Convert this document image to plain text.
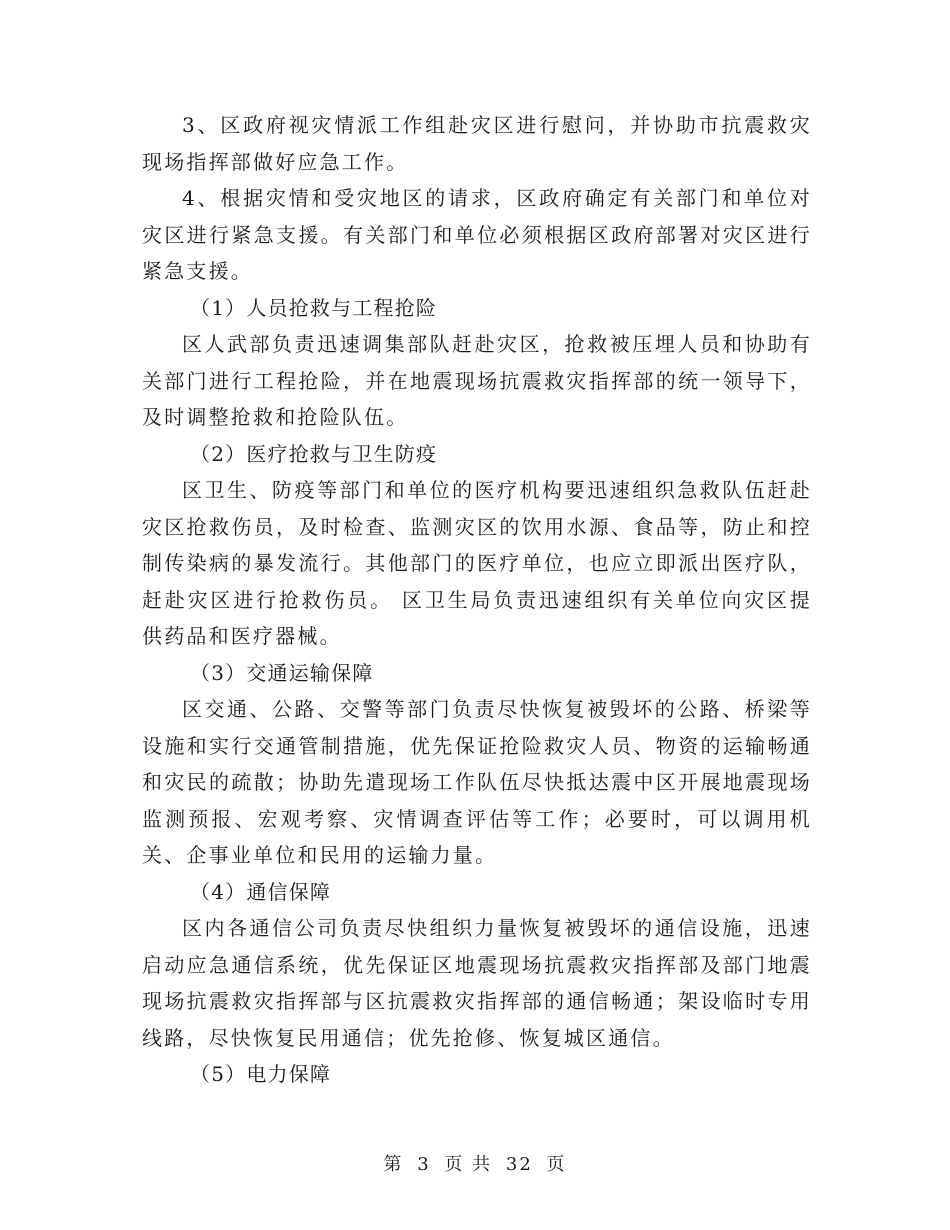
3、区政府视灾情派工作组赴灾区进行慰问，并协助市抗震救灾现场指挥部做好应急工作。

4、根据灾情和受灾地区的请求，区政府确定有关部门和单位对灾区进行紧急支援。有关部门和单位必须根据区政府部署对灾区进行紧急支援。

（1）人员抢救与工程抢险

区人武部负责迅速调集部队赶赴灾区，抢救被压埋人员和协助有关部门进行工程抢险，并在地震现场抗震救灾指挥部的统一领导下，及时调整抢救和抢险队伍。

（2）医疗抢救与卫生防疫

区卫生、防疫等部门和单位的医疗机构要迅速组织急救队伍赶赴灾区抢救伤员，及时检查、监测灾区的饮用水源、食品等，防止和控制传染病的暴发流行。其他部门的医疗单位，也应立即派出医疗队，赶赴灾区进行抢救伤员。 区卫生局负责迅速组织有关单位向灾区提供药品和医疗器械。

（3）交通运输保障

区交通、公路、交警等部门负责尽快恢复被毁坏的公路、桥梁等设施和实行交通管制措施，优先保证抢险救灾人员、物资的运输畅通和灾民的疏散；协助先遣现场工作队伍尽快抵达震中区开展地震现场监测预报、宏观考察、灾情调查评估等工作；必要时，可以调用机关、企事业单位和民用的运输力量。

（4）通信保障

区内各通信公司负责尽快组织力量恢复被毁坏的通信设施，迅速启动应急通信系统，优先保证区地震现场抗震救灾指挥部及部门地震现场抗震救灾指挥部与区抗震救灾指挥部的通信畅通；架设临时专用线路，尽快恢复民用通信；优先抢修、恢复城区通信。

（5）电力保障

第 3 页 共 32 页
